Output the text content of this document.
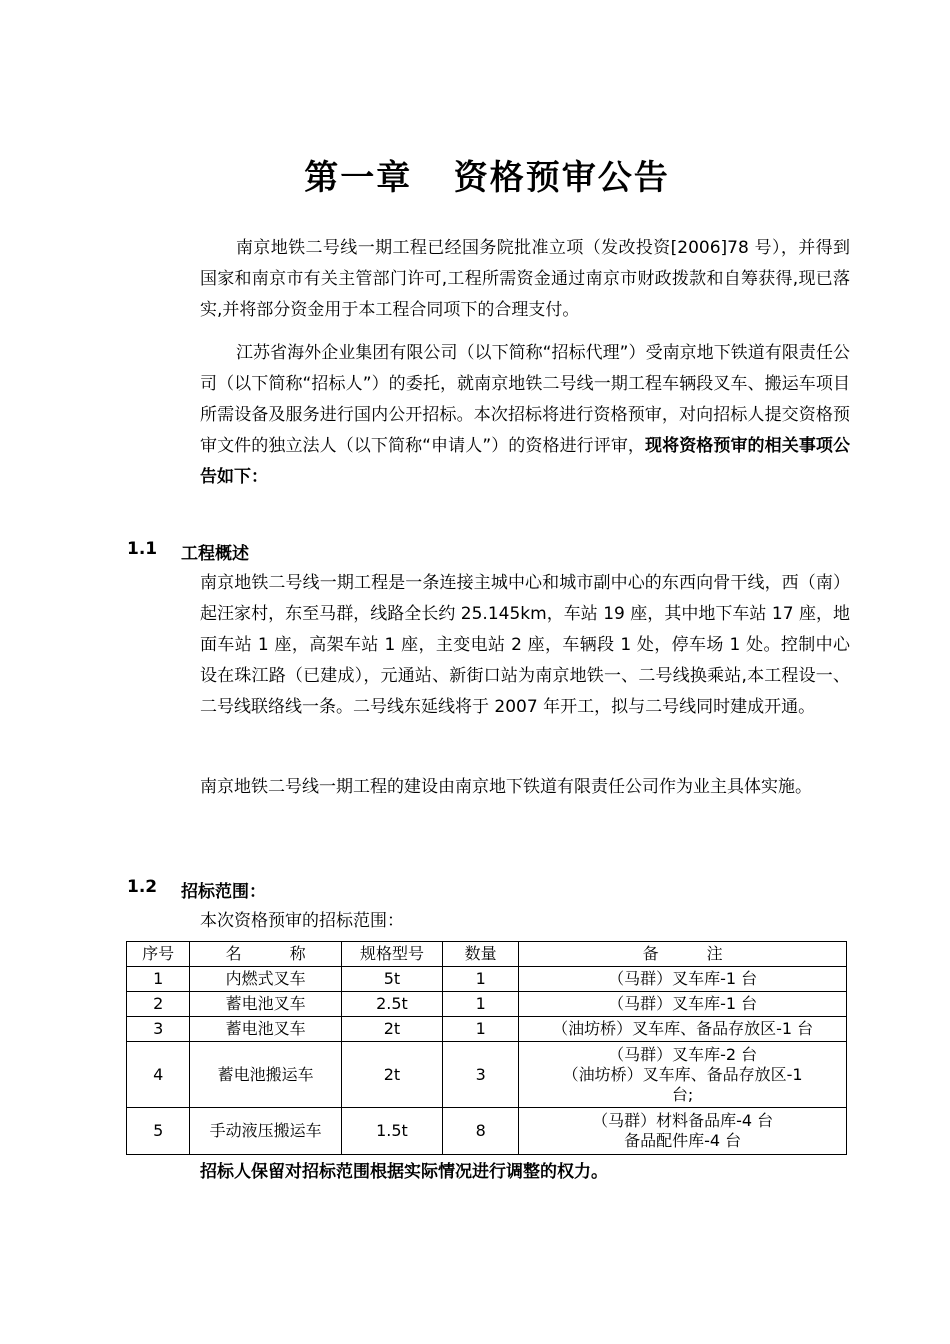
第一章   资格预审公告

南京地铁二号线一期工程已经国务院批准立项（发改投资[2006]78 号），并得到国家和南京市有关主管部门许可,工程所需资金通过南京市财政拨款和自筹获得,现已落实,并将部分资金用于本工程合同项下的合理支付。

江苏省海外企业集团有限公司（以下简称“招标代理”）受南京地下铁道有限责任公司（以下简称“招标人”）的委托，就南京地铁二号线一期工程车辆段叉车、搬运车项目所需设备及服务进行国内公开招标。本次招标将进行资格预审，对向招标人提交资格预审文件的独立法人（以下简称“申请人”）的资格进行评审，现将资格预审的相关事项公告如下：

1.1 工程概述

南京地铁二号线一期工程是一条连接主城中心和城市副中心的东西向骨干线，西（南）起汪家村，东至马群，线路全长约 25.145km，车站 19 座，其中地下车站 17 座，地面车站 1 座，高架车站 1 座，主变电站 2 座，车辆段 1 处，停车场 1 处。控制中心设在珠江路（已建成），元通站、新街口站为南京地铁一、二号线换乘站,本工程设一、二号线联络线一条。二号线东延线将于 2007 年开工，拟与二号线同时建成开通。

南京地铁二号线一期工程的建设由南京地下铁道有限责任公司作为业主具体实施。

1.2 招标范围：
本次资格预审的招标范围：
序号	名　　　称	规格型号	数量	备　　　注
1	内燃式叉车	5t	1	（马群）叉车库-1 台

2	蓄电池叉车	2.5t	1	（马群）叉车库-1 台

3	蓄电池叉车	2t	1	（油坊桥）叉车库、备品存放区-1 台

4	蓄电池搬运车	2t	3	（马群）叉车库-2 台
（油坊桥）叉车库、备品存放区-1
台;

5	手动液压搬运车	1.5t	8	（马群）材料备品库-4 台
备品配件库-4 台
招标人保留对招标范围根据实际情况进行调整的权力。
